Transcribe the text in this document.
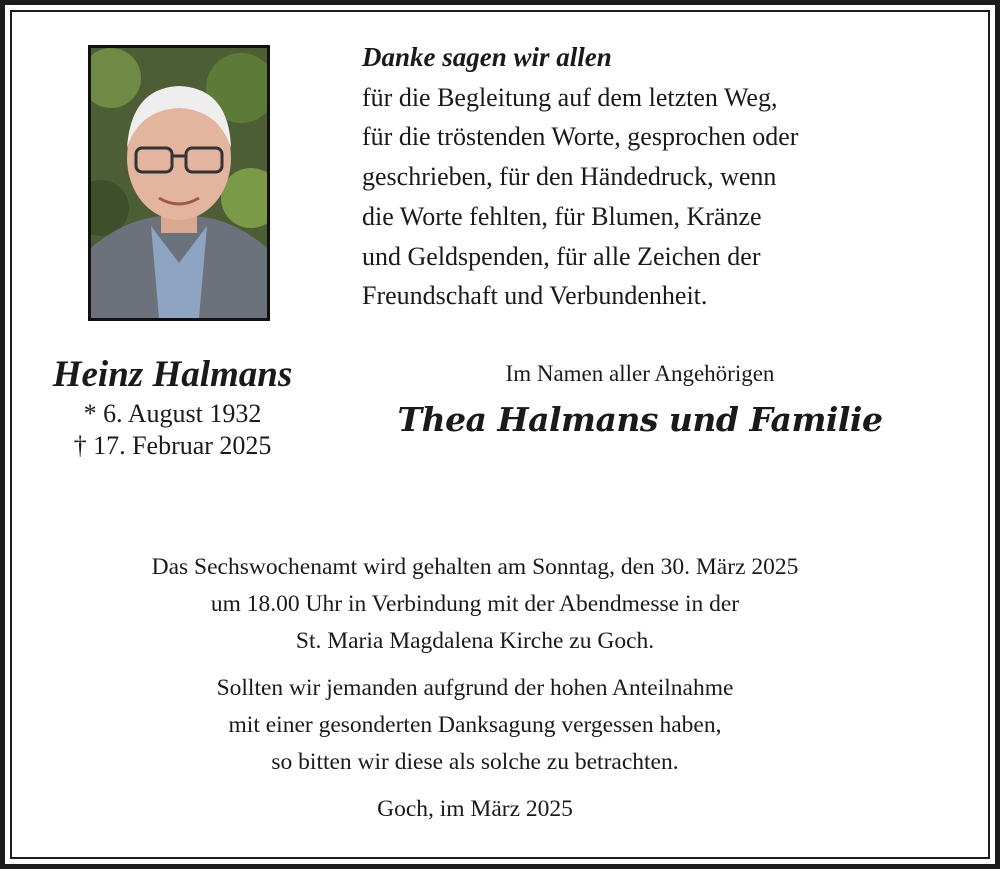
Danke sagen wir allen
für die Begleitung auf dem letzten Weg,
für die tröstenden Worte, gesprochen oder
geschrieben, für den Händedruck, wenn
die Worte fehlten, für Blumen, Kränze
und Geldspenden, für alle Zeichen der
Freundschaft und Verbundenheit.
Heinz Halmans
* 6. August 1932
† 17. Februar 2025
Im Namen aller Angehörigen
Thea Halmans und Familie
Das Sechswochenamt wird gehalten am Sonntag, den 30. März 2025
um 18.00 Uhr in Verbindung mit der Abendmesse in der
St. Maria Magdalena Kirche zu Goch.
Sollten wir jemanden aufgrund der hohen Anteilnahme
mit einer gesonderten Danksagung vergessen haben,
so bitten wir diese als solche zu betrachten.
Goch, im März 2025
